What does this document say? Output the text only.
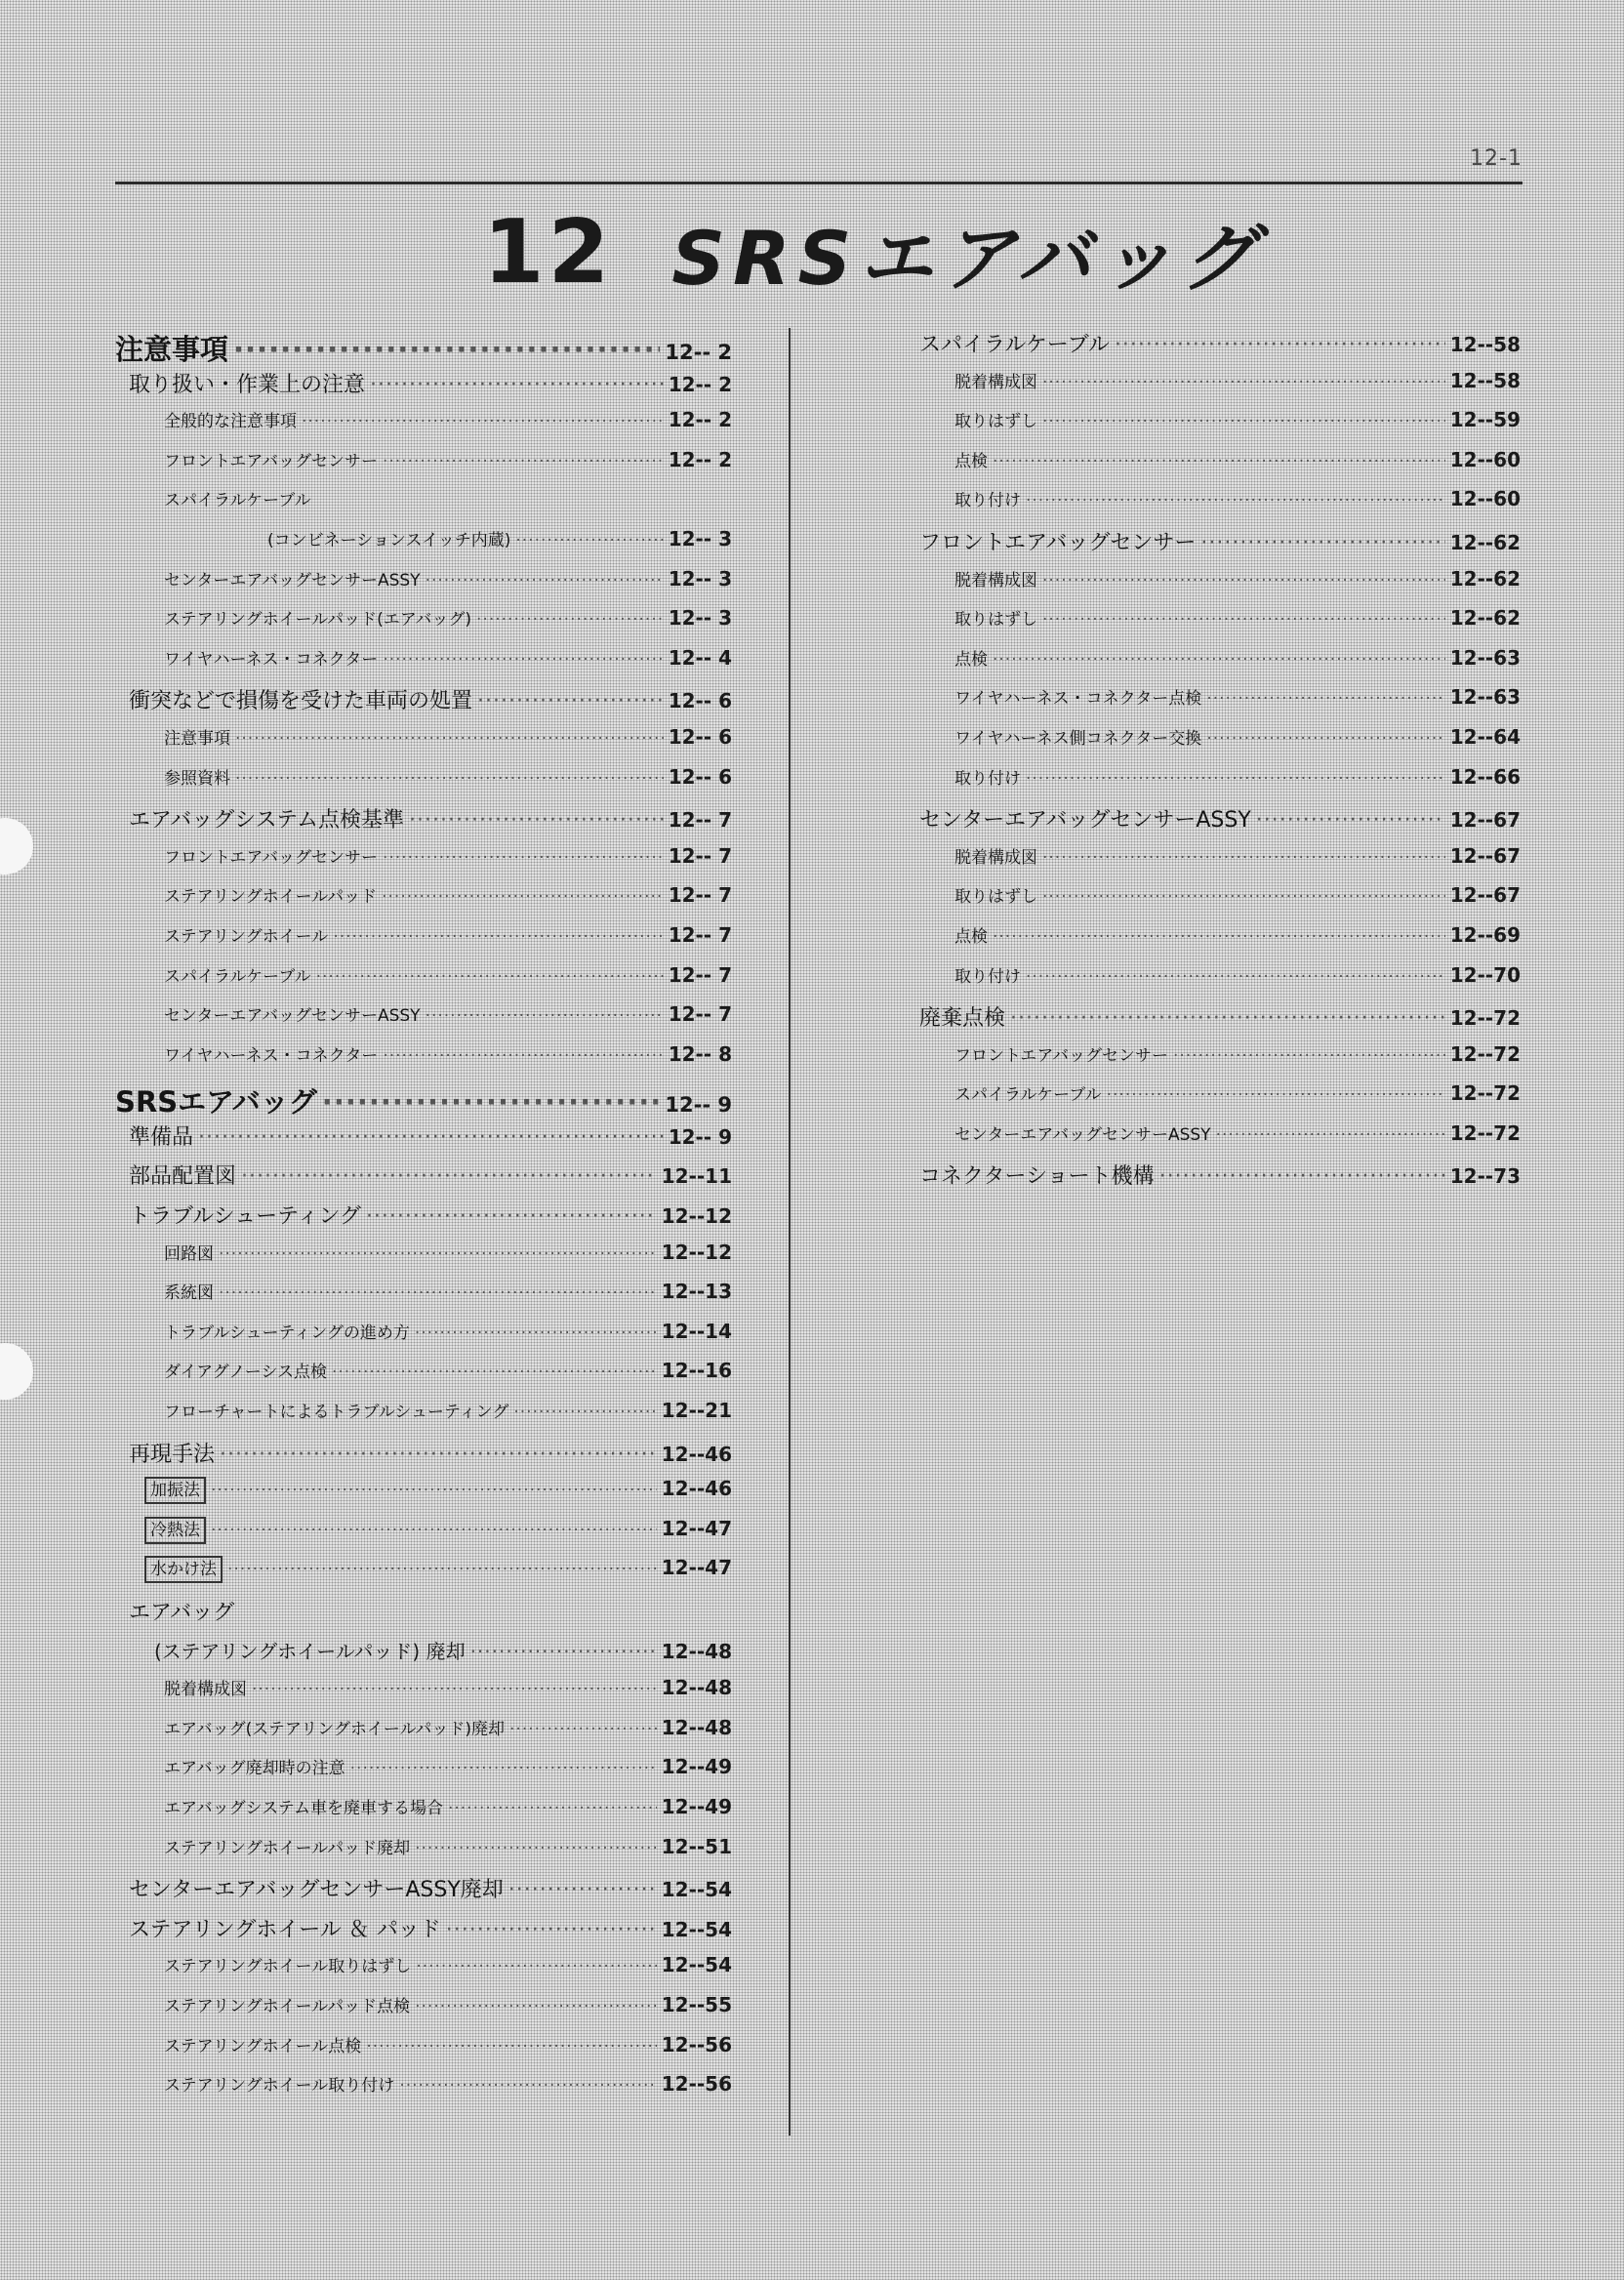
12-1
12 SRSエアバッグ
注意事項 ·····	12-- 2
取り扱い・作業上の注意 ·····	12-- 2
全般的な注意事項 ·····	12-- 2
フロントエアバッグセンサー ·····	12-- 2
スパイラルケーブル
(コンビネーションスイッチ内蔵) ·····	12-- 3
センターエアバッグセンサーASSY ·····	12-- 3
ステアリングホイールパッド(エアバッグ) ·····	12-- 3
ワイヤハーネス・コネクター ·····	12-- 4
衝突などで損傷を受けた車両の処置 ·····	12-- 6
注意事項 ·····	12-- 6
参照資料 ·····	12-- 6
エアバッグシステム点検基準 ·····	12-- 7
フロントエアバッグセンサー ·····	12-- 7
ステアリングホイールパッド ·····	12-- 7
ステアリングホイール ·····	12-- 7
スパイラルケーブル ·····	12-- 7
センターエアバッグセンサーASSY ·····	12-- 7
ワイヤハーネス・コネクター ·····	12-- 8
SRSエアバッグ ·····	12-- 9
準備品 ·····	12-- 9
部品配置図 ·····	12--11
トラブルシューティング ·····	12--12
回路図 ·····	12--12
系統図 ·····	12--13
トラブルシューティングの進め方 ·····	12--14
ダイアグノーシス点検 ·····	12--16
フローチャートによるトラブルシューティング ·····	12--21
再現手法 ·····	12--46
加振法 ·····	12--46
冷熱法 ·····	12--47
水かけ法 ·····	12--47
エアバッグ
(ステアリングホイールパッド) 廃却 ·····	12--48
脱着構成図 ·····	12--48
エアバッグ(ステアリングホイールパッド)廃却 ·····	12--48
エアバッグ廃却時の注意 ·····	12--49
エアバッグシステム車を廃車する場合 ·····	12--49
ステアリングホイールパッド廃却 ·····	12--51
センターエアバッグセンサーASSY廃却 ·····	12--54
ステアリングホイール ＆ パッド ·····	12--54
ステアリングホイール取りはずし ·····	12--54
ステアリングホイールパッド点検 ·····	12--55
ステアリングホイール点検 ·····	12--56
ステアリングホイール取り付け ·····	12--56
スパイラルケーブル ·····	12--58
脱着構成図 ·····	12--58
取りはずし ·····	12--59
点検 ·····	12--60
取り付け ·····	12--60
フロントエアバッグセンサー ·····	12--62
脱着構成図 ·····	12--62
取りはずし ·····	12--62
点検 ·····	12--63
ワイヤハーネス・コネクター点検 ·····	12--63
ワイヤハーネス側コネクター交換 ·····	12--64
取り付け ·····	12--66
センターエアバッグセンサーASSY ·····	12--67
脱着構成図 ·····	12--67
取りはずし ·····	12--67
点検 ·····	12--69
取り付け ·····	12--70
廃棄点検 ·····	12--72
フロントエアバッグセンサー ·····	12--72
スパイラルケーブル ·····	12--72
センターエアバッグセンサーASSY ·····	12--72
コネクターショート機構 ·····	12--73
